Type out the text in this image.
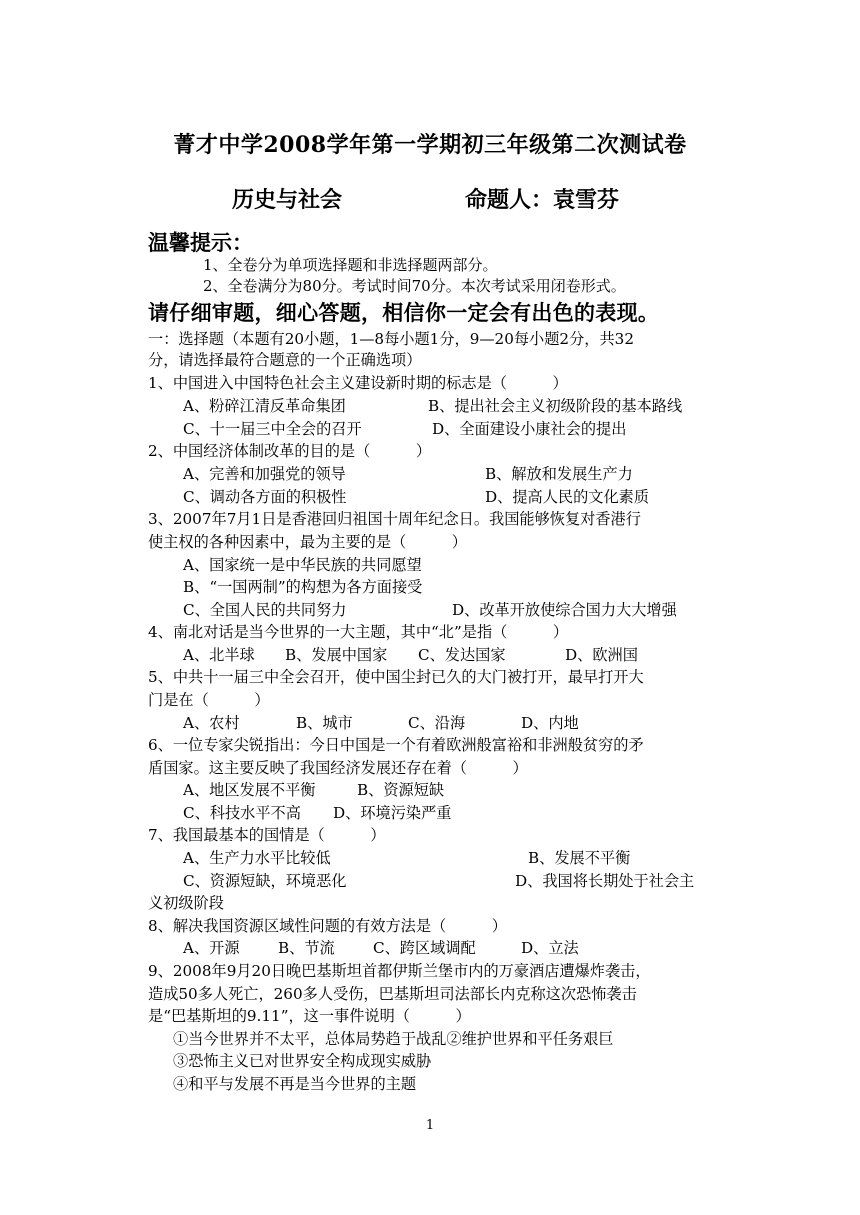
菁才中学2008学年第一学期初三年级第二次测试卷
历史与社会	命题人：袁雪芬
温馨提示：
1、全卷分为单项选择题和非选择题两部分。
2、全卷满分为80分。考试时间70分。本次考试采用闭卷形式。
请仔细审题，细心答题，相信你一定会有出色的表现。
一：选择题（本题有20小题，1—8每小题1分，9—20每小题2分，共32
分，请选择最符合题意的一个正确选项）
1、中国进入中国特色社会主义建设新时期的标志是（　　　）
A、粉碎江清反革命集团	B、提出社会主义初级阶段的基本路线
C、十一届三中全会的召开	D、全面建设小康社会的提出
2、中国经济体制改革的目的是（　　　）
A、完善和加强党的领导	B、解放和发展生产力
C、调动各方面的积极性	D、提高人民的文化素质
3、2007年7月1日是香港回归祖国十周年纪念日。我国能够恢复对香港行
使主权的各种因素中，最为主要的是（　　　）
A、国家统一是中华民族的共同愿望
B、“一国两制”的构想为各方面接受
C、全国人民的共同努力	D、改革开放使综合国力大大增强
4、南北对话是当今世界的一大主题，其中“北”是指（　　　）
A、北半球 B、发展中国家 C、发达国家	D、欧洲国
5、中共十一届三中全会召开，使中国尘封已久的大门被打开，最早打开大
门是在（　　　）
A、农村	B、城市	C、沿海	D、内地
6、一位专家尖锐指出：今日中国是一个有着欧洲般富裕和非洲般贫穷的矛
盾国家。这主要反映了我国经济发展还存在着（　　　）
A、地区发展不平衡	B、资源短缺
C、科技水平不高 D、环境污染严重
7、我国最基本的国情是（　　　）
A、生产力水平比较低	B、发展不平衡
C、资源短缺，环境恶化	D、我国将长期处于社会主
义初级阶段
8、解决我国资源区域性问题的有效方法是（　　　）
A、开源	B、节流	C、跨区域调配	D、立法
9、2008年9月20日晚巴基斯坦首都伊斯兰堡市内的万豪酒店遭爆炸袭击，
造成50多人死亡，260多人受伤，巴基斯坦司法部长内克称这次恐怖袭击
是“巴基斯坦的9.11”，这一事件说明（　　　）
①当今世界并不太平，总体局势趋于战乱②维护世界和平任务艰巨
③恐怖主义已对世界安全构成现实威胁
④和平与发展不再是当今世界的主题
1
